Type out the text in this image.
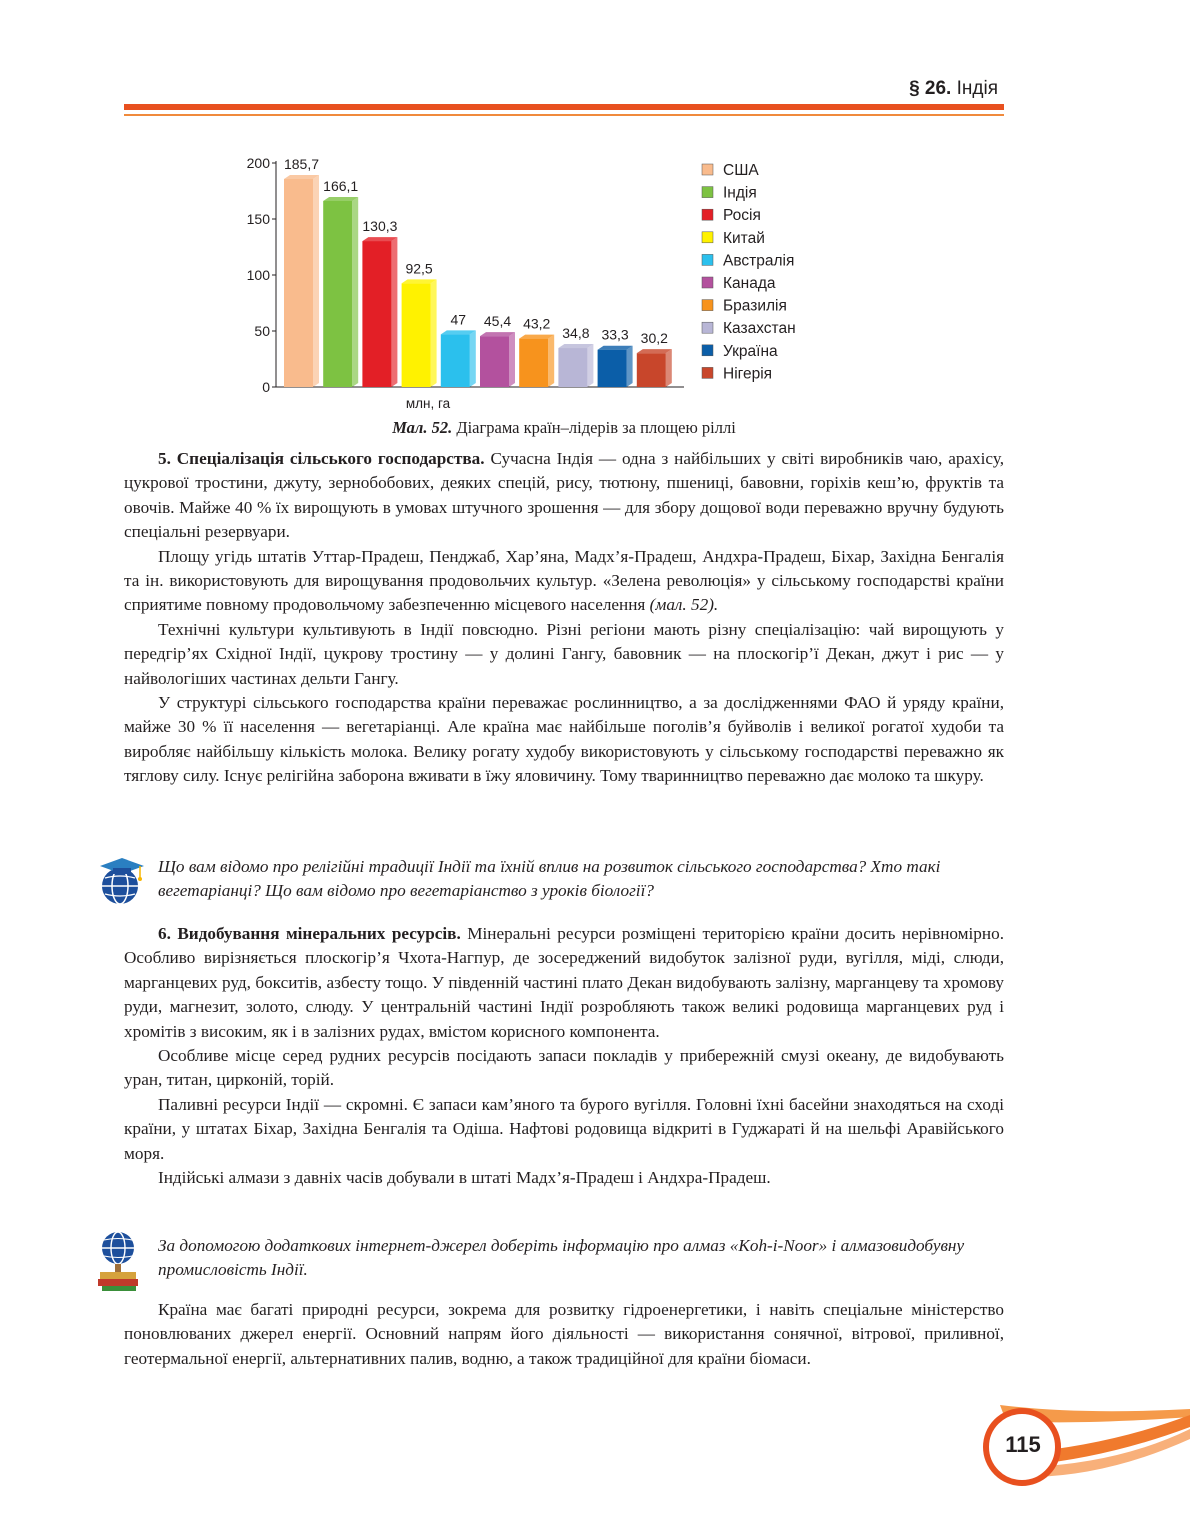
§ 26. Індія
0
50
100
150
200 185,7
166,1
130,3
92,5
47 45,4 43,2
34,8 33,3 30,2
млн, га
США
Індія
Росія
Китай
Австралія
Канада
Бразилія
Казахстан
Україна
Нігерія
Мал. 52. Діаграма країн–лідерів за площею ріллі

5. Спеціалізація сільського господарства. Сучасна Індія — одна з найбільших у світі виробників чаю, арахісу, цукрової тростини, джуту, зернобобових, деяких спецій, рису, тютюну, пшениці, бавовни, горіхів кеш’ю, фруктів та овочів. Майже 40 % їх вирощують в умовах штучного зрошення — для збору дощової води переважно вручну будують спеціальні резервуари.

Площу угідь штатів Уттар-Прадеш, Пенджаб, Хар’яна, Мадх’я-Прадеш, Андхра-Прадеш, Біхар, Західна Бенгалія та ін. використовують для вирощування продовольчих культур. «Зелена революція» у сільському господарстві країни сприятиме повному продовольчому забезпеченню місцевого населення (мал. 52).

Технічні культури культивують в Індії повсюдно. Різні регіони мають різну спеціалізацію: чай вирощують у передгір’ях Східної Індії, цукрову тростину — у долині Гангу, бавовник — на плоскогір’ї Декан, джут і рис — у найвологіших частинах дельти Гангу.

У структурі сільського господарства країни переважає рослинництво, а за дослідженнями ФАО й уряду країни, майже 30 % її населення — вегетаріанці. Але країна має найбільше поголів’я буйволів і великої рогатої худоби та виробляє найбільшу кількість молока. Велику рогату худобу використовують у сільському господарстві переважно як тяглову силу. Існує релігійна заборона вживати в їжу яловичину. Тому тваринництво переважно дає молоко та шкуру.

Що вам відомо про релігійні традиції Індії та їхній вплив на розвиток сільського господарства? Хто такі вегетаріанці? Що вам відомо про вегетаріанство з уроків біології?

6. Видобування мінеральних ресурсів. Мінеральні ресурси розміщені територією країни досить нерівномірно. Особливо вирізняється плоскогір’я Чхота-Нагпур, де зосереджений видобуток залізної руди, вугілля, міді, слюди, марганцевих руд, бокситів, азбесту тощо. У південній частині плато Декан видобувають залізну, марганцеву та хромову руди, магнезит, золото, слюду. У центральній частині Індії розробляють також великі родовища марганцевих руд і хромітів з високим, як і в залізних рудах, вмістом корисного компонента.

Особливе місце серед рудних ресурсів посідають запаси покладів у прибережній смузі океану, де видобувають уран, титан, цирконій, торій.

Паливні ресурси Індії — скромні. Є запаси кам’яного та бурого вугілля. Головні їхні басейни знаходяться на сході країни, у штатах Біхар, Західна Бенгалія та Одіша. Нафтові родовища відкриті в Гуджараті й на шельфі Аравійського моря.

Індійські алмази з давніх часів добували в штаті Мадх’я-Прадеш і Андхра-Прадеш.

За допомогою додаткових інтернет-джерел доберіть інформацію про алмаз «Koh-i-Noor» і алмазовидобувну промисловість Індії.

Країна має багаті природні ресурси, зокрема для розвитку гідроенергетики, і навіть спеціальне міністерство поновлюваних джерел енергії. Основний напрям його діяльності — використання сонячної, вітрової, приливної, геотермальної енергії, альтернативних палив, водню, а також традиційної для країни біомаси.

115
